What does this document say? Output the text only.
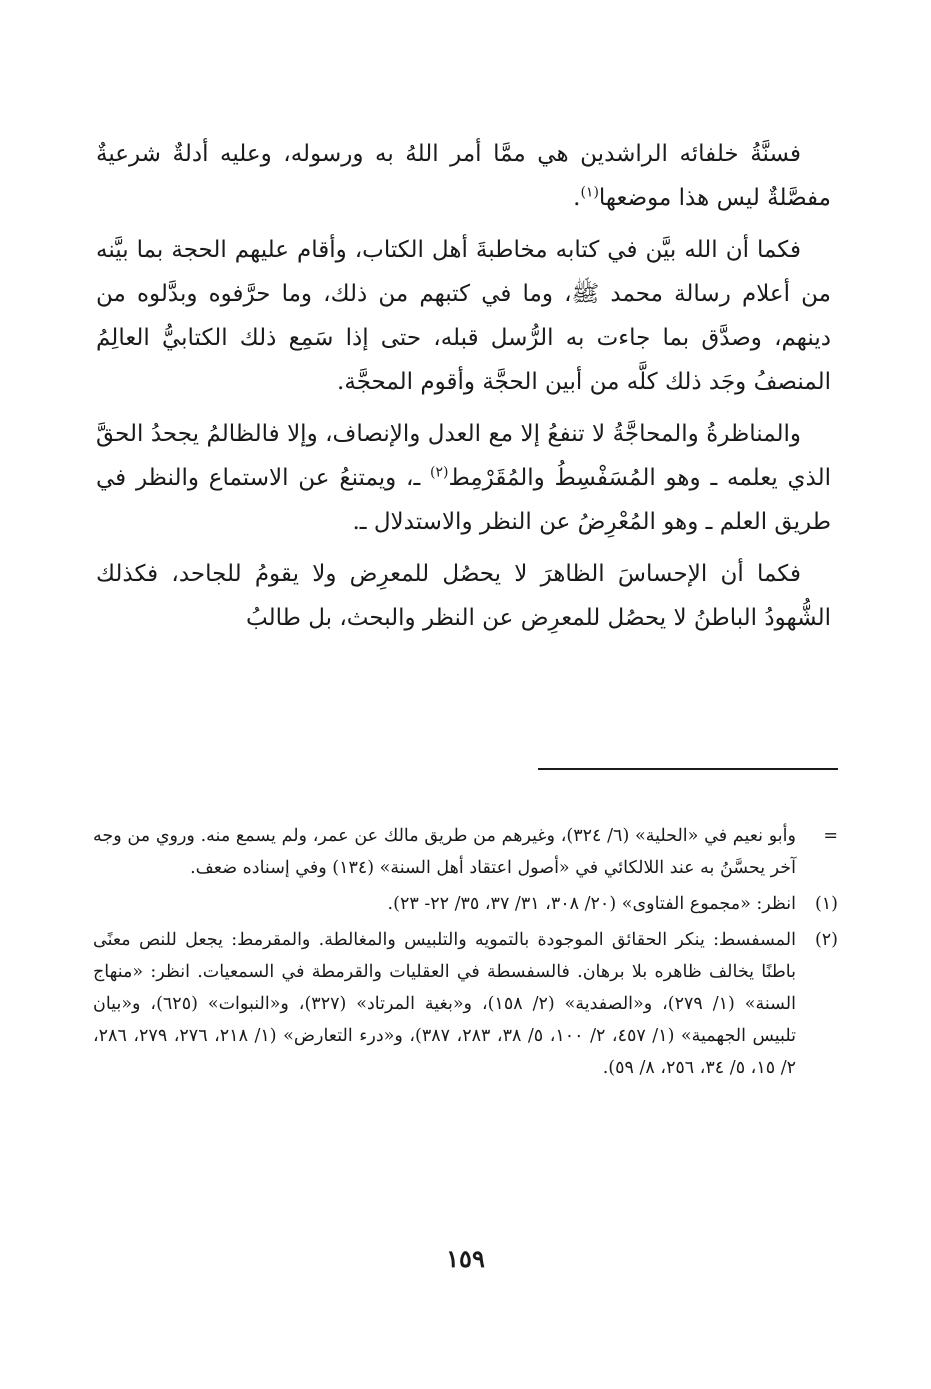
فسنَّةُ خلفائه الراشدين هي ممَّا أمر اللهُ به ورسوله، وعليه أدلةٌ شرعيةٌ مفصَّلةٌ ليس هذا موضعها$^{(١)}$.

فكما أن الله بيَّن في كتابه مخاطبةَ أهل الكتاب، وأقام عليهم الحجة بما بيَّنه من أعلام رسالة محمد ﷺ، وما في كتبهم من ذلك، وما حرَّفوه وبدَّلوه من دينهم، وصدَّق بما جاءت به الرُّسل قبله، حتى إذا سَمِع ذلك الكتابيُّ العالِمُ المنصفُ وجَد ذلك كلَّه من أبين الحجَّة وأقوم المحجَّة.

والمناظرةُ والمحاجَّةُ لا تنفعُ إلا مع العدل والإنصاف، وإلا فالظالمُ يجحدُ الحقَّ الذي يعلمه ـ وهو المُسَفْسِطُ والمُقَرْمِط$^{(٢)}$ ـ، ويمتنعُ عن الاستماع والنظر في طريق العلم ـ وهو المُعْرِضُ عن النظر والاستدلال ـ.

فكما أن الإحساسَ الظاهرَ لا يحصُل للمعرِض ولا يقومُ للجاحد، فكذلك الشُّهودُ الباطنُ لا يحصُل للمعرِض عن النظر والبحث، بل طالبُ

=
وأبو نعيم في «الحلية» (٦/ ٣٢٤)، وغيرهم من طريق مالك عن عمر، ولم يسمع منه. وروي من وجه آخر يحسَّنُ به عند اللالكائي في «أصول اعتقاد أهل السنة» (١٣٤) وفي إسناده ضعف.
(١)
انظر: «مجموع الفتاوى» (٢٠/ ٣٠٨، ٣١/ ٣٧، ٣٥/ ٢٢- ٢٣).
(٢)
المسفسط: ينكر الحقائق الموجودة بالتمويه والتلبيس والمغالطة. والمقرمط: يجعل للنص معنًى باطنًا يخالف ظاهره بلا برهان. فالسفسطة في العقليات والقرمطة في السمعيات. انظر: «منهاج السنة» (١/ ٢٧٩)، و«الصفدية» (٢/ ١٥٨)، و«بغية المرتاد» (٣٢٧)، و«النبوات» (٦٢٥)، و«بيان تلبيس الجهمية» (١/ ٤٥٧، ٢/ ١٠٠، ٥/ ٣٨، ٢٨٣، ٣٨٧)، و«درء التعارض» (١/ ٢١٨، ٢٧٦، ٢٧٩، ٢٨٦، ٢/ ١٥، ٥/ ٣٤، ٢٥٦، ٨/ ٥٩).
١٥٩
